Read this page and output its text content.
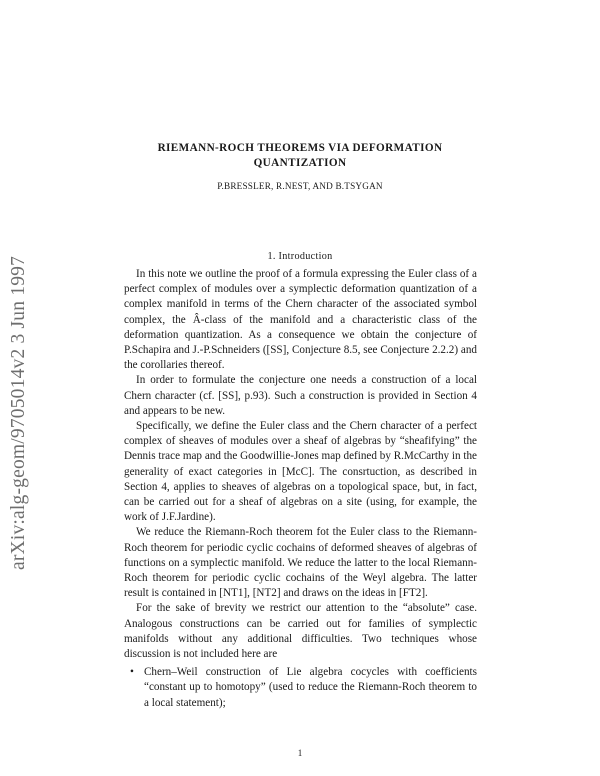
arXiv:alg-geom/9705014v2 3 Jun 1997
RIEMANN-ROCH THEOREMS VIA DEFORMATION
QUANTIZATION
P.BRESSLER, R.NEST, AND B.TSYGAN
1. Introduction

In this note we outline the proof of a formula expressing the Euler class of a perfect complex of modules over a symplectic deformation quantization of a complex manifold in terms of the Chern character of the associated symbol complex, the Â-class of the manifold and a characteristic class of the deformation quantization. As a consequence we obtain the conjecture of P.Schapira and J.-P.Schneiders ([SS], Conjecture 8.5, see Conjecture 2.2.2) and the corollaries thereof.

In order to formulate the conjecture one needs a construction of a local Chern character (cf. [SS], p.93). Such a construction is provided in Section 4 and appears to be new.

Specifically, we define the Euler class and the Chern character of a perfect complex of sheaves of modules over a sheaf of algebras by “sheafifying” the Dennis trace map and the Goodwillie-Jones map defined by R.McCarthy in the generality of exact categories in [McC]. The consrtuction, as described in Section 4, applies to sheaves of algebras on a topological space, but, in fact, can be carried out for a sheaf of algebras on a site (using, for example, the work of J.F.Jardine).

We reduce the Riemann-Roch theorem fot the Euler class to the Riemann-Roch theorem for periodic cyclic cochains of deformed sheaves of algebras of functions on a symplectic manifold. We reduce the latter to the local Riemann-Roch theorem for periodic cyclic cochains of the Weyl algebra. The latter result is contained in [NT1], [NT2] and draws on the ideas in [FT2].

For the sake of brevity we restrict our attention to the “absolute” case. Analogous constructions can be carried out for families of symplectic manifolds without any additional difficulties. Two techniques whose discussion is not included here are

• Chern–Weil construction of Lie algebra cocycles with coefficients “constant up to homotopy” (used to reduce the Riemann-Roch theorem to a local statement);
1
